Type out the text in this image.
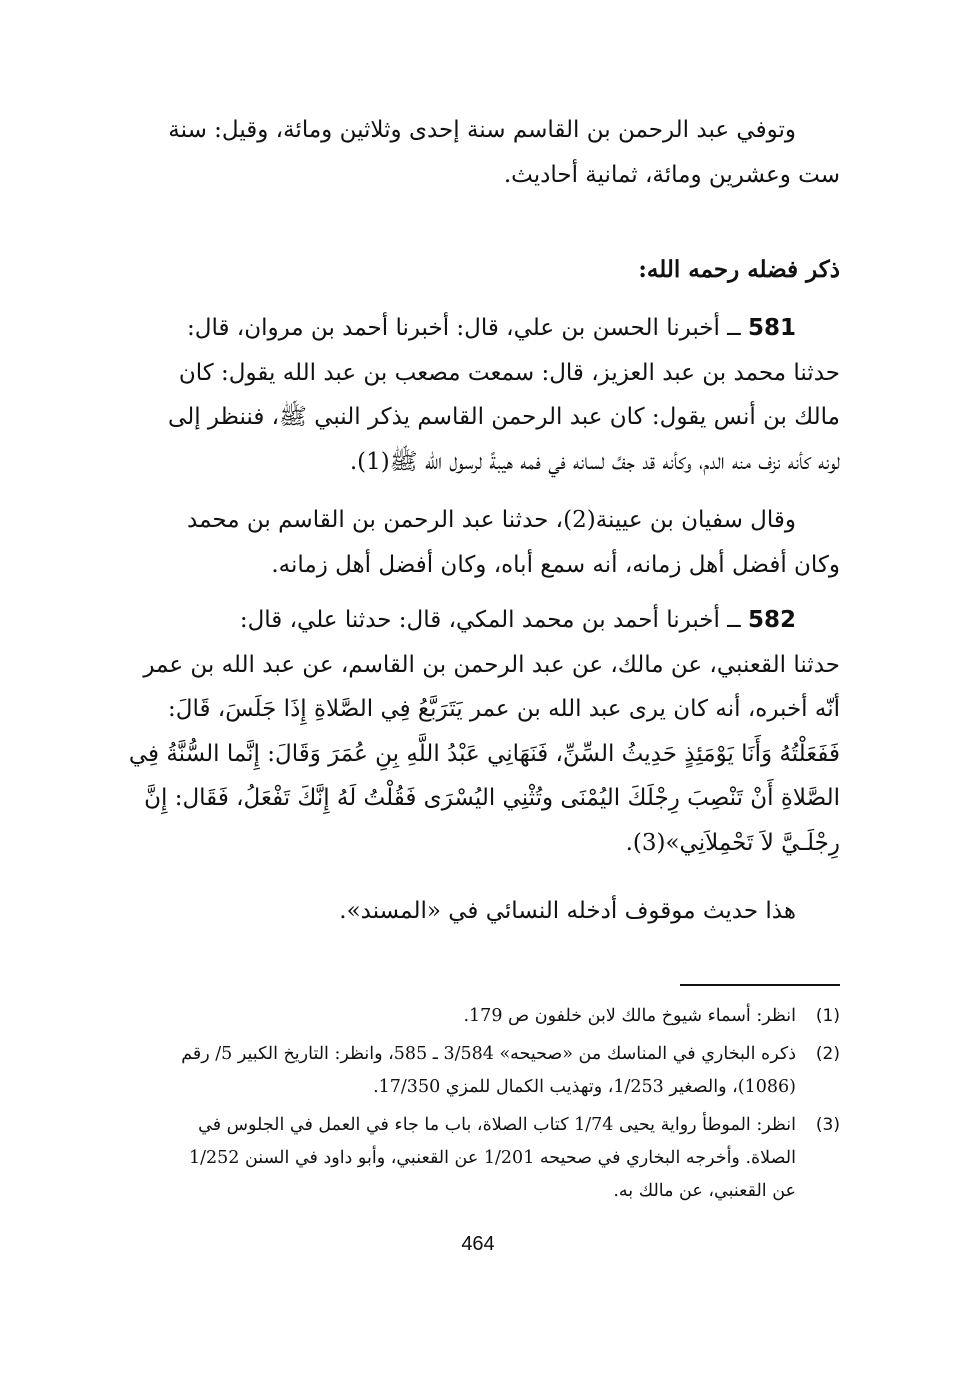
وتوفي عبد الرحمن بن القاسم سنة إحدى وثلاثين ومائة، وقيل: سنة
ست وعشرين ومائة، ثمانية أحاديث.
ذكر فضله رحمه الله:
581 ــ أخبرنا الحسن بن علي، قال: أخبرنا أحمد بن مروان، قال:
حدثنا محمد بن عبد العزيز، قال: سمعت مصعب بن عبد الله يقول: كان
مالك بن أنس يقول: كان عبد الرحمن القاسم يذكر النبي ﷺ، فننظر إلى
لونه كأنه نزف منه الدم، وكأنه قد جفَّ لسانه في فمه هيبةً لرسول الله ﷺ(1).
وقال سفيان بن عيينة(2)، حدثنا عبد الرحمن بن القاسم بن محمد
وكان أفضل أهل زمانه، أنه سمع أباه، وكان أفضل أهل زمانه.
582 ــ أخبرنا أحمد بن محمد المكي، قال: حدثنا علي، قال:
حدثنا القعنبي، عن مالك، عن عبد الرحمن بن القاسم، عن عبد الله بن عمر
أنّه أخبره، أنه كان يرى عبد الله بن عمر يَتَرَبَّعُ فِي الصَّلاةِ إِذَا جَلَسَ، قَالَ:
فَفَعَلْتُهُ وَأَنَا يَوْمَئِذٍ حَدِيثُ السِّنِّ، فَنَهَانِي عَبْدُ اللَّهِ بِنِ عُمَرَ وَقَالَ: إِنَّما السُّنَّةُ فِي
الصَّلاةِ أَنْ تَنْصِبَ رِجْلَكَ اليُمْنَى وتُثْنِي اليُسْرَى فَقُلْتُ لَهُ إِنَّكَ تَفْعَلُ، فَقَال: إِنَّ
رِجْلَـيَّ لاَ تَحْمِلاَنِي»(3).
هذا حديث موقوف أدخله النسائي في «المسند».
(1)
انظر: أسماء شيوخ مالك لابن خلفون ص 179.
(2)
ذكره البخاري في المناسك من «صحيحه» 3/584 ـ 585، وانظر: التاريخ الكبير 5/ رقم
(1086)، والصغير 1/253، وتهذيب الكمال للمزي 17/350.
(3)
انظر: الموطأ رواية يحيى 1/74 كتاب الصلاة، باب ما جاء في العمل في الجلوس في
الصلاة. وأخرجه البخاري في صحيحه 1/201 عن القعنبي، وأبو داود في السنن 1/252
عن القعنبي، عن مالك به.
464
